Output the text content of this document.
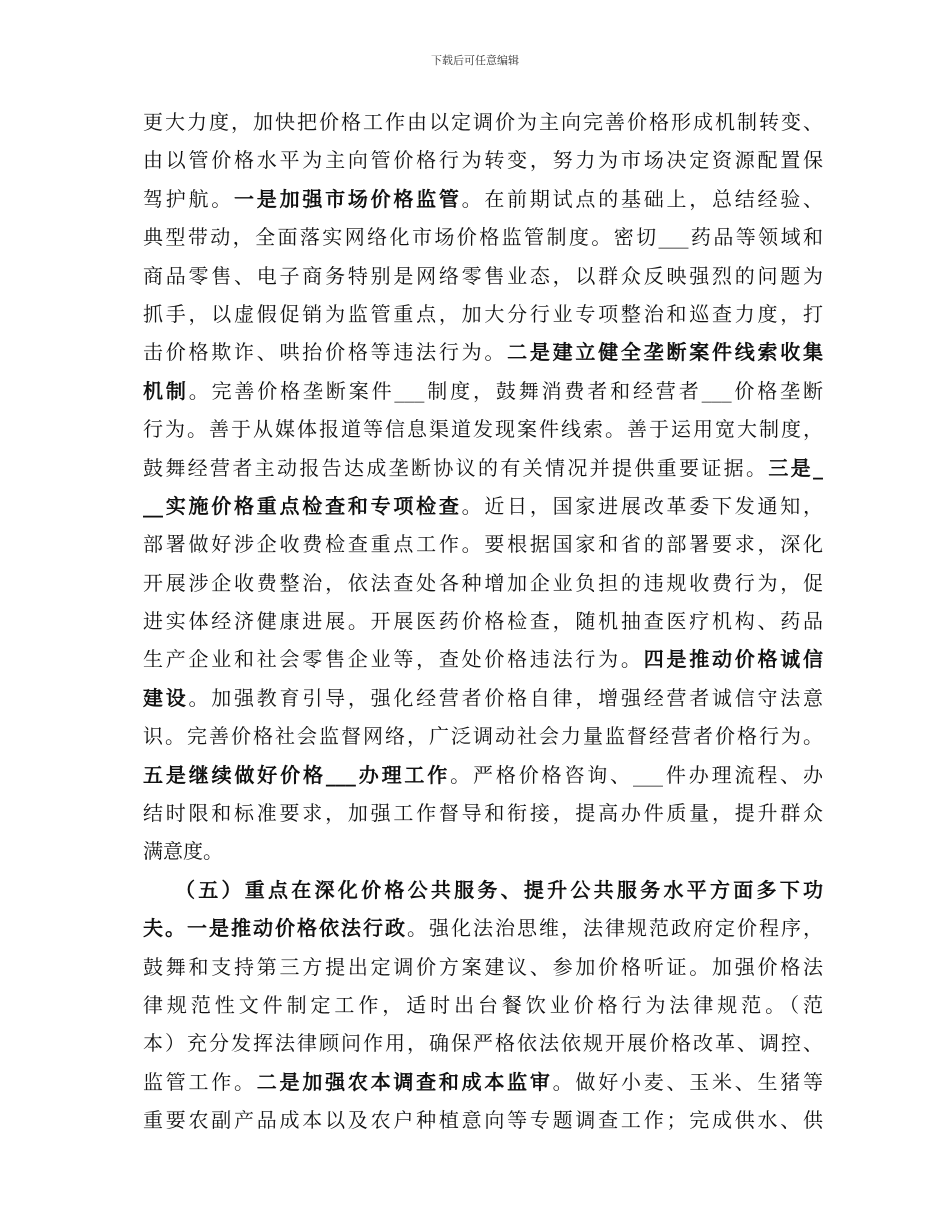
下载后可任意编辑
更大力度，加快把价格工作由以定调价为主向完善价格形成机制转变、
由以管价格水平为主向管价格行为转变，努力为市场决定资源配置保
驾护航。一是加强市场价格监管。在前期试点的基础上，总结经验、
典型带动，全面落实网络化市场价格监管制度。密切___药品等领域和
商品零售、电子商务特别是网络零售业态，以群众反映强烈的问题为
抓手，以虚假促销为监管重点，加大分行业专项整治和巡查力度，打
击价格欺诈、哄抬价格等违法行为。二是建立健全垄断案件线索收集
机制。完善价格垄断案件___制度，鼓舞消费者和经营者___价格垄断
行为。善于从媒体报道等信息渠道发现案件线索。善于运用宽大制度，
鼓舞经营者主动报告达成垄断协议的有关情况并提供重要证据。三是_
__实施价格重点检查和专项检查。近日，国家进展改革委下发通知，
部署做好涉企收费检查重点工作。要根据国家和省的部署要求，深化
开展涉企收费整治，依法查处各种增加企业负担的违规收费行为，促
进实体经济健康进展。开展医药价格检查，随机抽查医疗机构、药品
生产企业和社会零售企业等，查处价格违法行为。四是推动价格诚信
建设。加强教育引导，强化经营者价格自律，增强经营者诚信守法意
识。完善价格社会监督网络，广泛调动社会力量监督经营者价格行为。
五是继续做好价格___办理工作。严格价格咨询、___件办理流程、办
结时限和标准要求，加强工作督导和衔接，提高办件质量，提升群众
满意度。
（五）重点在深化价格公共服务、提升公共服务水平方面多下功
夫。一是推动价格依法行政。强化法治思维，法律规范政府定价程序，
鼓舞和支持第三方提出定调价方案建议、参加价格听证。加强价格法
律规范性文件制定工作，适时出台餐饮业价格行为法律规范。（范
本）充分发挥法律顾问作用，确保严格依法依规开展价格改革、调控、
监管工作。二是加强农本调查和成本监审。做好小麦、玉米、生猪等
重要农副产品成本以及农户种植意向等专题调查工作；完成供水、供
